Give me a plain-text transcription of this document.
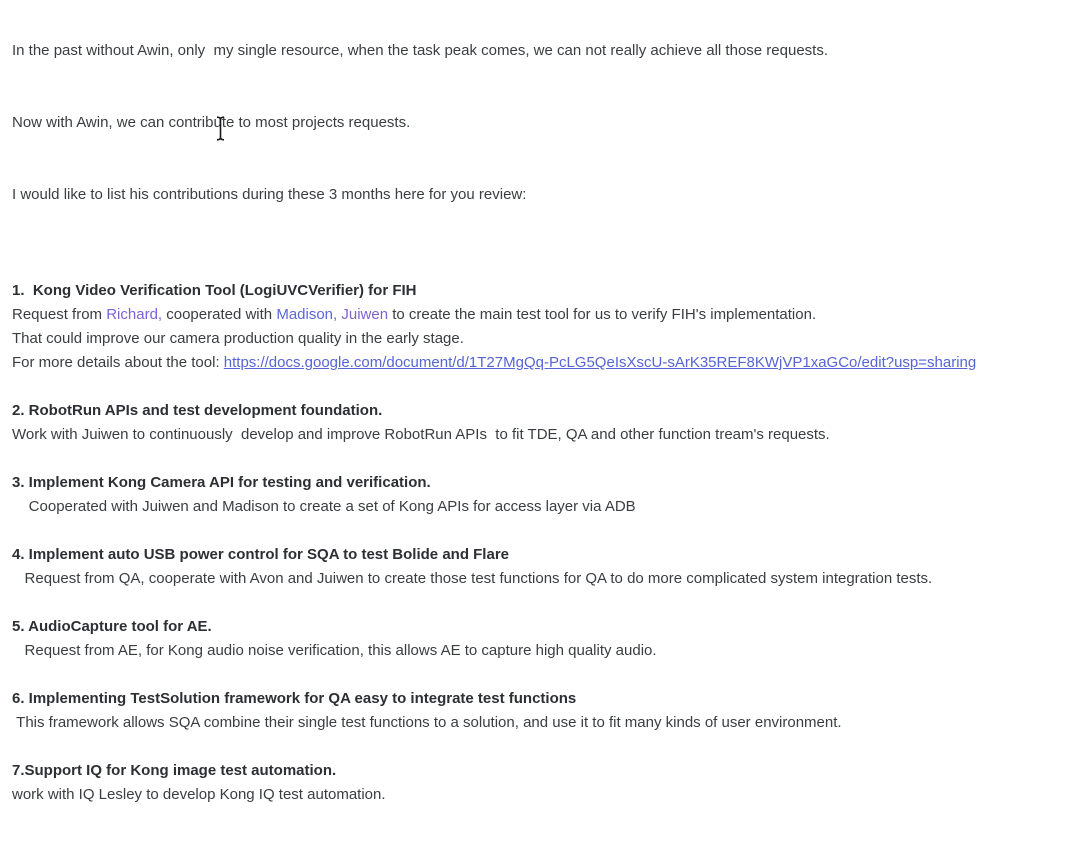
In the past without Awin, only  my single resource, when the task peak comes, we can not really achieve all those requests.

Now with Awin, we can contribute to most projects requests.

I would like to list his contributions during these 3 months here for you review:

1.  Kong Video Verification Tool (LogiUVCVerifier) for FIH
Request from Richard, cooperated with Madison, Juiwen to create the main test tool for us to verify FIH's implementation.
That could improve our camera production quality in the early stage.
For more details about the tool: https://docs.google.com/document/d/1T27MgQq-PcLG5QeIsXscU-sArK35REF8KWjVP1xaGCo/edit?usp=sharing
2. RobotRun APIs and test development foundation.
Work with Juiwen to continuously  develop and improve RobotRun APIs  to fit TDE, QA and other function tream's requests.
3. Implement Kong Camera API for testing and verification.
Cooperated with Juiwen and Madison to create a set of Kong APIs for access layer via ADB
4. Implement auto USB power control for SQA to test Bolide and Flare
Request from QA, cooperate with Avon and Juiwen to create those test functions for QA to do more complicated system integration tests.
5. AudioCapture tool for AE.
Request from AE, for Kong audio noise verification, this allows AE to capture high quality audio.
6. Implementing TestSolution framework for QA easy to integrate test functions
This framework allows SQA combine their single test functions to a solution, and use it to fit many kinds of user environment.
7.Support IQ for Kong image test automation.
work with IQ Lesley to develop Kong IQ test automation.
